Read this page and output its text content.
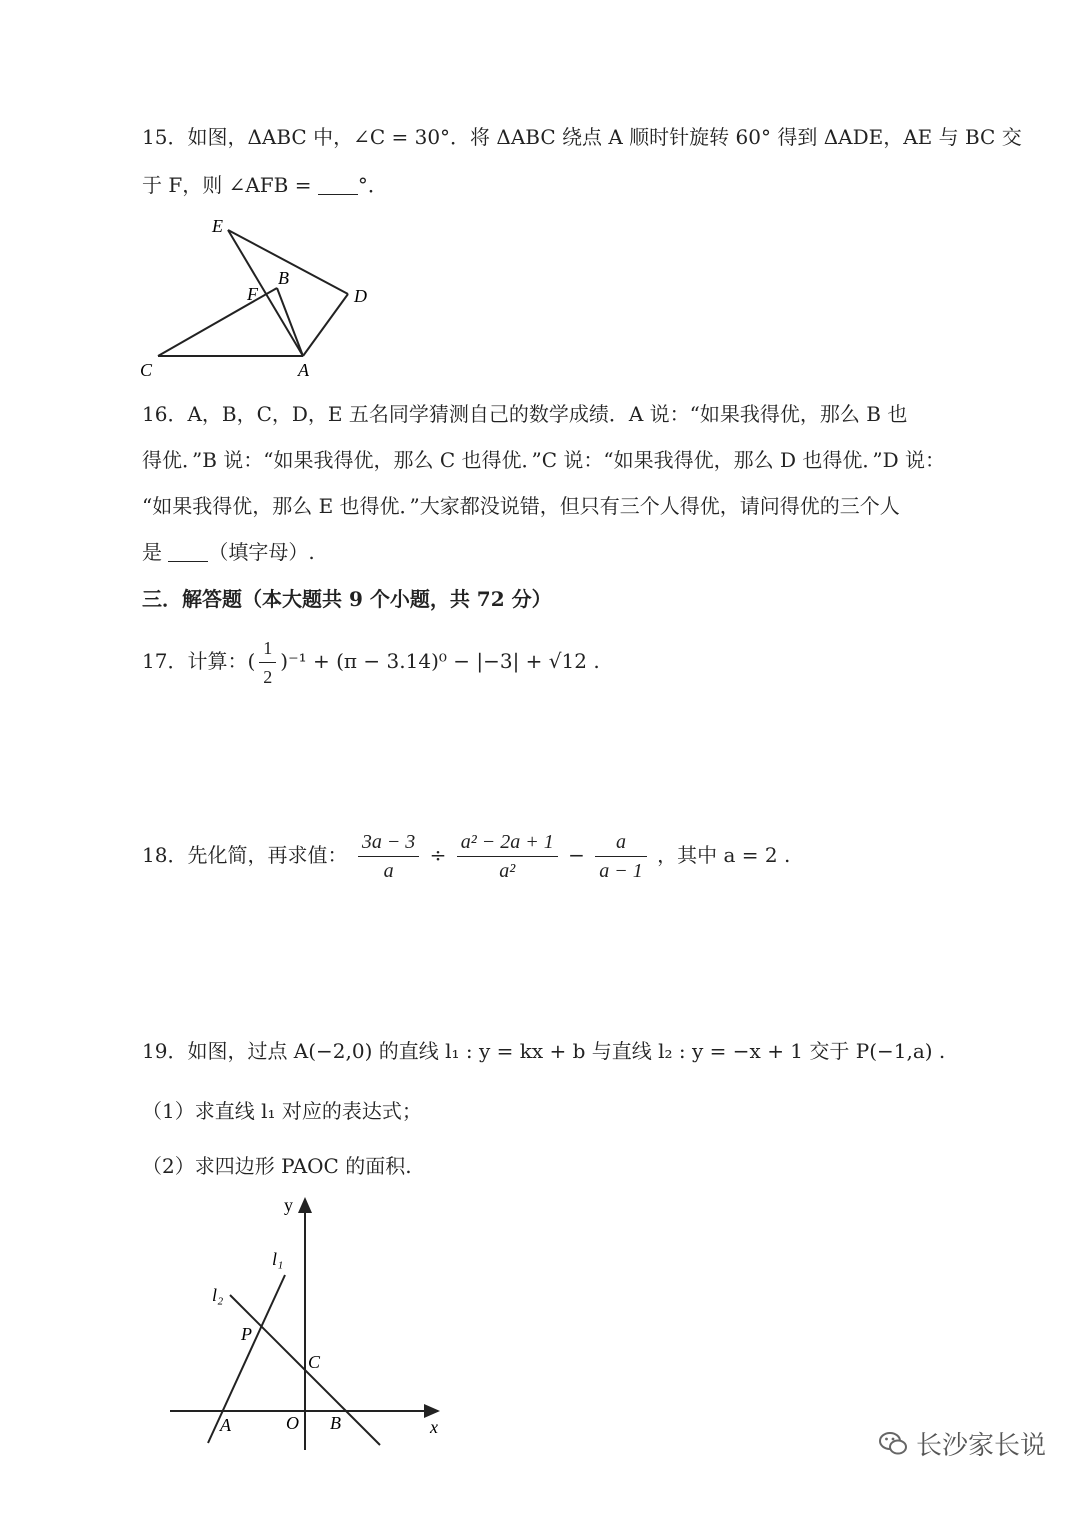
15．如图，ΔABC 中，∠C = 30°．将 ΔABC 绕点 A 顺时针旋转 60° 得到 ΔADE，AE 与 BC 交
于 F，则 ∠AFB = °．
E
B
F	D
C	A
16．A，B，C，D，E 五名同学猜测自己的数学成绩．A 说：“如果我得优，那么 B 也
得优．”B 说：“如果我得优，那么 C 也得优．”C 说：“如果我得优，那么 D 也得优．”D 说：
“如果我得优，那么 E 也得优．”大家都没说错，但只有三个人得优，请问得优的三个人
是 （填字母）.
三．解答题（本大题共 9 个小题，共 72 分）
17．计算：( $\frac{1}{2} )^{-1} + (\pi - 3.14)^0 - |-3| + √12$ .
18．先化简，再求值： $\frac{3a - 3}{a} \div \frac{\text{a² − 2a + 1}}{\text{a²}} - \frac{a}{a - 1}$ ，其中 a = 2 .
19．如图，过点 A(−2,0) 的直线 l₁ : y = kx + b 与直线 l₂ : y = −x + 1 交于 P(−1,a) .
（1）求直线 l₁ 对应的表达式；
（2）求四边形 PAOC 的面积.
y
x
l₁
l₂
P
C
A	O B
长沙家长说
